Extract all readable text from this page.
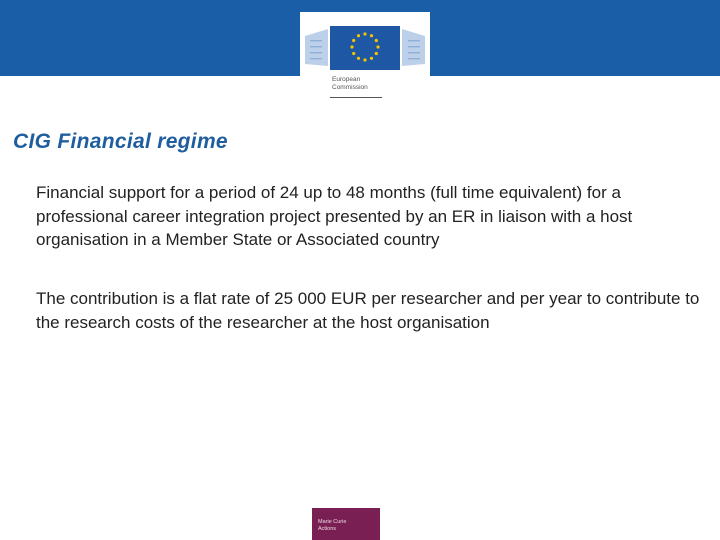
European
Commission
CIG Financial regime

Financial support for a period of 24 up to 48 months (full time equivalent) for a professional career integration project presented by an ER in liaison with a host organisation in a Member State or Associated country

The contribution is a flat rate of 25 000 EUR per researcher and per year to contribute to the research costs of the researcher at the host organisation

Marie Curie
Actions
